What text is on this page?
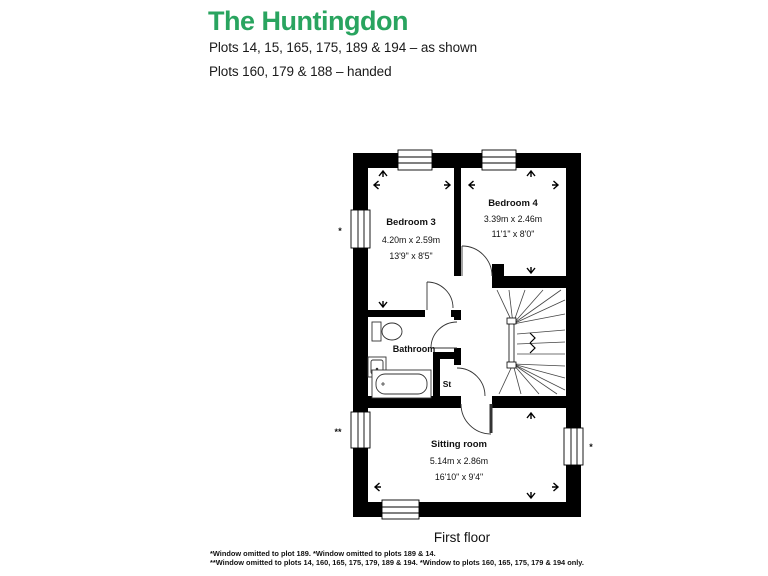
The Huntingdon
Plots 14, 15, 165, 175, 189 & 194 – as shown
Plots 160, 179 & 188 – handed
*
**
*
Bedroom 3
4.20m x 2.59m
13'9" x 8'5"
Bedroom 4
3.39m x 2.46m
11'1" x 8'0"
Bathroom
St
Sitting room
5.14m x 2.86m
16'10" x 9'4"
First floor
*Window omitted to plot 189. *Window omitted to plots 189 & 14.
**Window omitted to plots 14, 160, 165, 175, 179, 189 & 194. *Window to plots 160, 165, 175, 179 & 194 only.
